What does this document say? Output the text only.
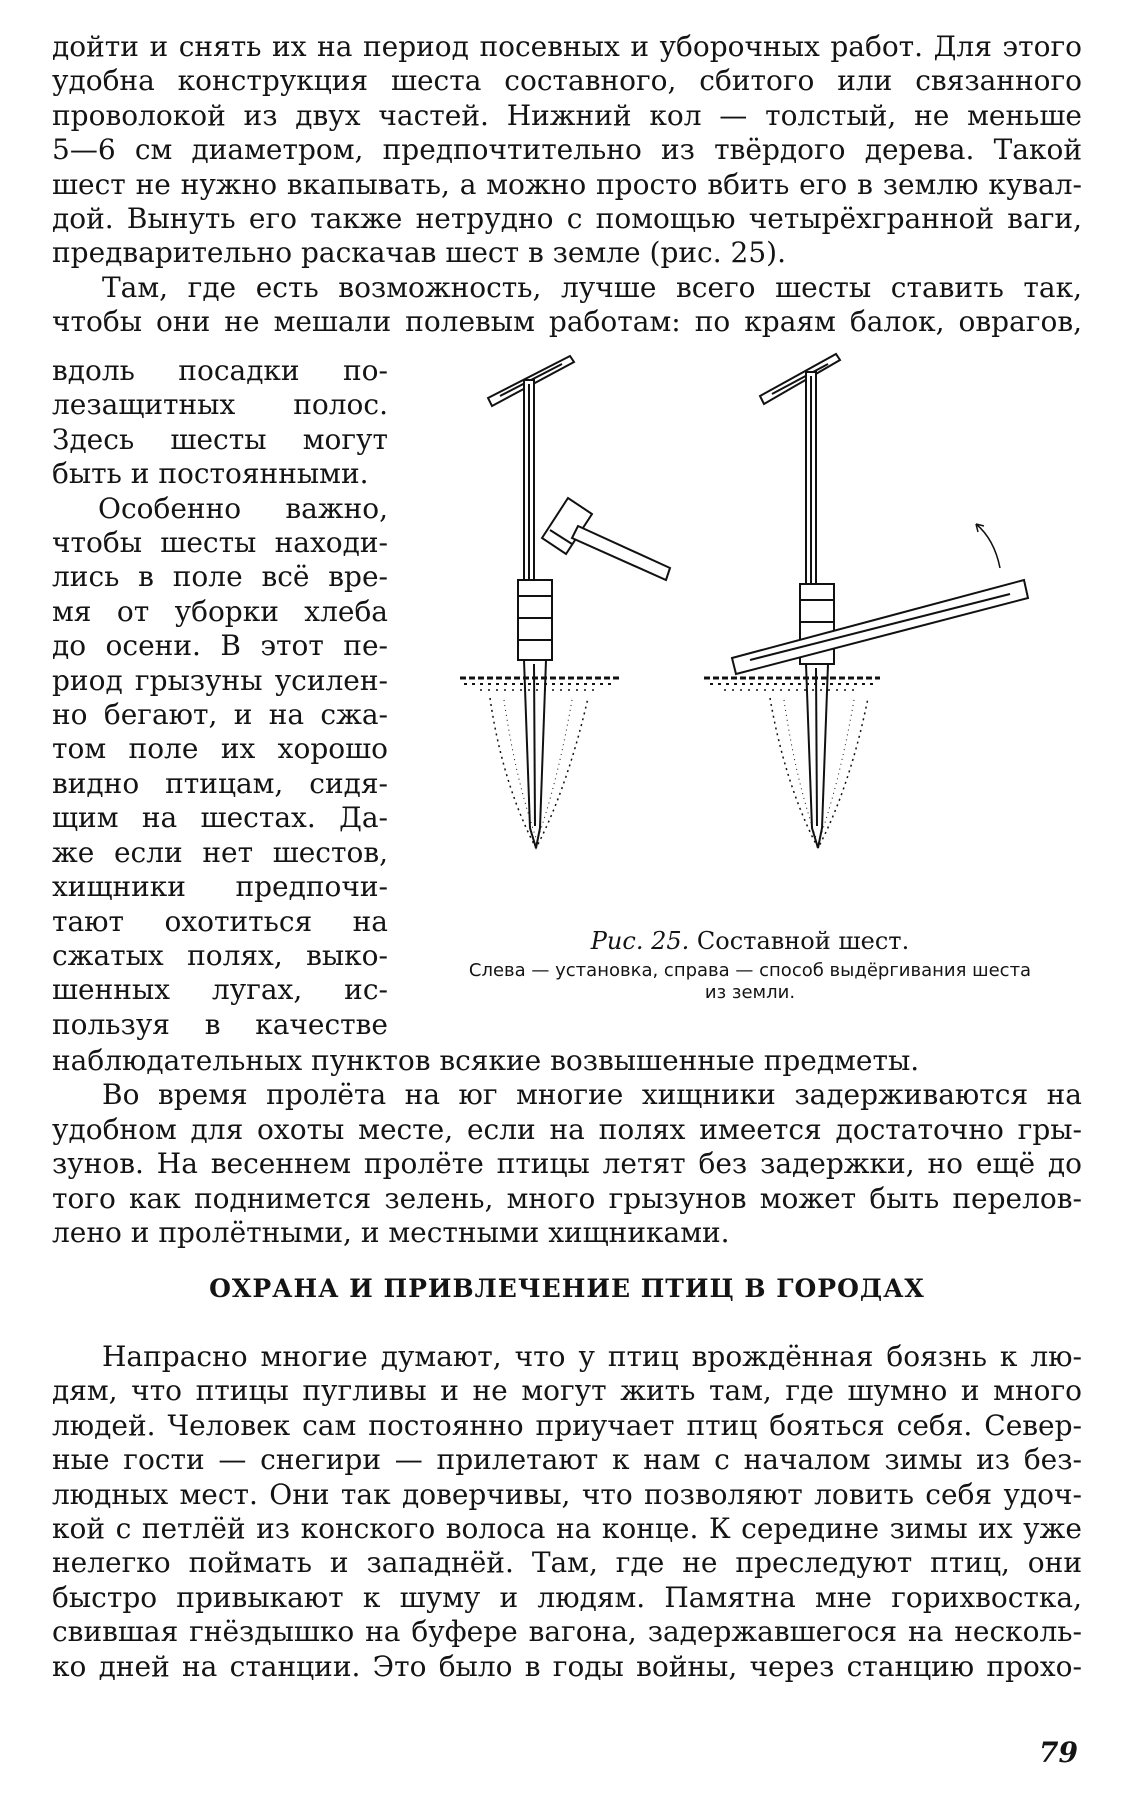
дойти и снять их на период посевных и уборочных работ. Для этого
удобна конструкция шеста составного, сбитого или связанного
проволокой из двух частей. Нижний кол — толстый, не меньше
5—6 см диаметром, предпочтительно из твёрдого дерева. Такой
шест не нужно вкапывать, а можно просто вбить его в землю кувал-
дой. Вынуть его также нетрудно с помощью четырёхгранной ваги,
предварительно раскачав шест в земле (рис. 25).
Там, где есть возможность, лучше всего шесты ставить так,
чтобы они не мешали полевым работам: по краям балок, оврагов,
вдоль посадки по-
лезащитных полос.
Здесь шесты могут
быть и постоянными.
Особенно важно,
чтобы шесты находи-
лись в поле всё вре-
мя от уборки хлеба
до осени. В этот пе-
риод грызуны усилен-
но бегают, и на сжа-
том поле их хорошо
видно птицам, сидя-
щим на шестах. Да-
же если нет шестов,
хищники предпочи-
тают охотиться на
сжатых полях, выко-
шенных лугах, ис-
пользуя в качестве
Рис. 25. Составной шест.
Слева — установка, справа — способ выдёргивания шеста
из земли.
наблюдательных пунктов всякие возвышенные предметы.
Во время пролёта на юг многие хищники задерживаются на
удобном для охоты месте, если на полях имеется достаточно гры-
зунов. На весеннем пролёте птицы летят без задержки, но ещё до
того как поднимется зелень, много грызунов может быть перелов-
лено и пролётными, и местными хищниками.
ОХРАНА И ПРИВЛЕЧЕНИЕ ПТИЦ В ГОРОДАХ
Напрасно многие думают, что у птиц врождённая боязнь к лю-
дям, что птицы пугливы и не могут жить там, где шумно и много
людей. Человек сам постоянно приучает птиц бояться себя. Север-
ные гости — снегири — прилетают к нам с началом зимы из без-
людных мест. Они так доверчивы, что позволяют ловить себя удоч-
кой с петлёй из конского волоса на конце. К середине зимы их уже
нелегко поймать и западнёй. Там, где не преследуют птиц, они
быстро привыкают к шуму и людям. Памятна мне горихвостка,
свившая гнёздышко на буфере вагона, задержавшегося на несколь-
ко дней на станции. Это было в годы войны, через станцию прохо-
79
